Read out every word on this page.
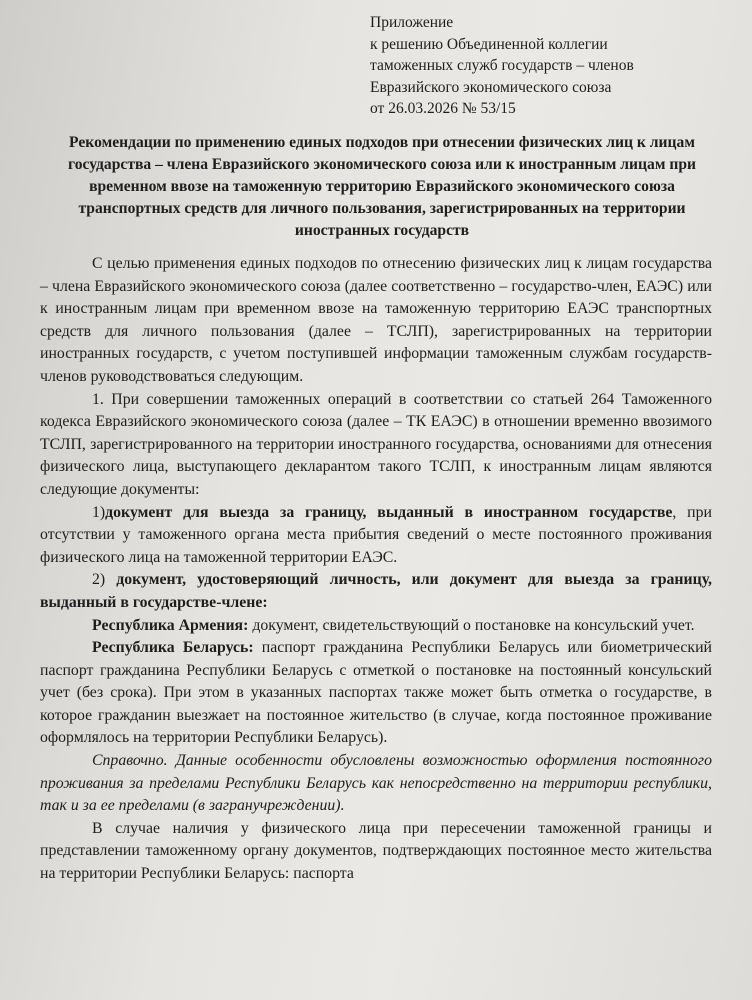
Приложение
к решению Объединенной коллегии
таможенных служб государств – членов
Евразийского экономического союза
от 26.03.2026 № 53/15
Рекомендации по применению единых подходов при отнесении физических лиц к лицам государства – члена Евразийского экономического союза или к иностранным лицам при временном ввозе на таможенную территорию Евразийского экономического союза транспортных средств для личного пользования, зарегистрированных на территории иностранных государств

С целью применения единых подходов по отнесению физических лиц к лицам государства – члена Евразийского экономического союза (далее соответственно – государство-член, ЕАЭС) или к иностранным лицам при временном ввозе на таможенную территорию ЕАЭС транспортных средств для личного пользования (далее – ТСЛП), зарегистрированных на территории иностранных государств, с учетом поступившей информации таможенным службам государств-членов руководствоваться следующим.

1. При совершении таможенных операций в соответствии со статьей 264 Таможенного кодекса Евразийского экономического союза (далее – ТК ЕАЭС) в отношении временно ввозимого ТСЛП, зарегистрированного на территории иностранного государства, основаниями для отнесения физического лица, выступающего декларантом такого ТСЛП, к иностранным лицам являются следующие документы:

1)документ для выезда за границу, выданный в иностранном государстве, при отсутствии у таможенного органа места прибытия сведений о месте постоянного проживания физического лица на таможенной территории ЕАЭС.

2) документ, удостоверяющий личность, или документ для выезда за границу, выданный в государстве-члене:

Республика Армения: документ, свидетельствующий о постановке на консульский учет.

Республика Беларусь: паспорт гражданина Республики Беларусь или биометрический паспорт гражданина Республики Беларусь с отметкой о постановке на постоянный консульский учет (без срока). При этом в указанных паспортах также может быть отметка о государстве, в которое гражданин выезжает на постоянное жительство (в случае, когда постоянное проживание оформлялось на территории Республики Беларусь).

Справочно. Данные особенности обусловлены возможностью оформления постоянного проживания за пределами Республики Беларусь как непосредственно на территории республики, так и за ее пределами (в загранучреждении).

В случае наличия у физического лица при пересечении таможенной границы и представлении таможенному органу документов, подтверждающих постоянное место жительства на территории Республики Беларусь: паспорта
